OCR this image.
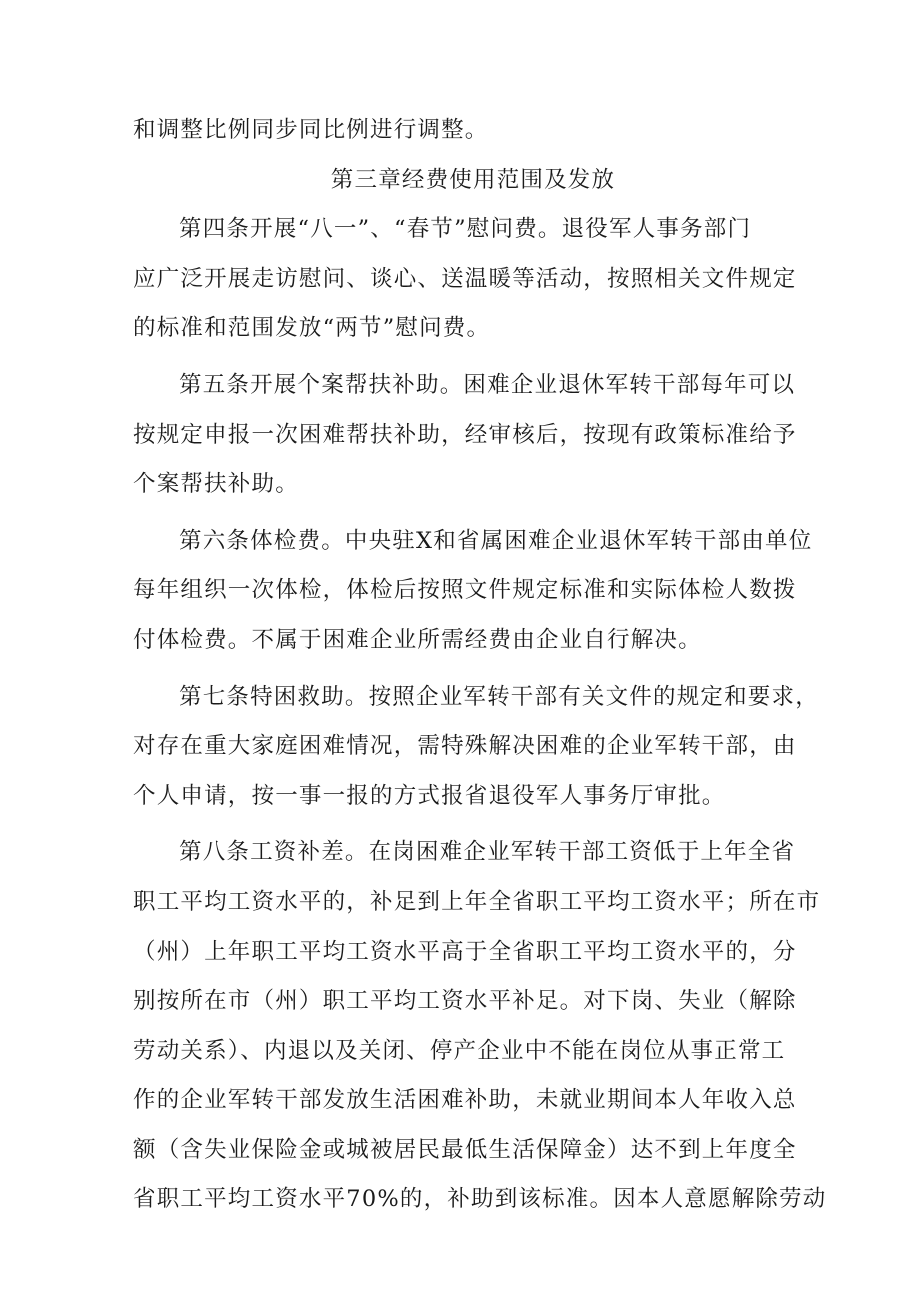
和调整比例同步同比例进行调整。
第三章经费使用范围及发放
第四条开展“八一”、“春节”慰问费。退役军人事务部门
应广泛开展走访慰问、谈心、送温暖等活动，按照相关文件规定
的标准和范围发放“两节”慰问费。
第五条开展个案帮扶补助。困难企业退休军转干部每年可以
按规定申报一次困难帮扶补助，经审核后，按现有政策标准给予
个案帮扶补助。
第六条体检费。中央驻X和省属困难企业退休军转干部由单位
每年组织一次体检，体检后按照文件规定标准和实际体检人数拨
付体检费。不属于困难企业所需经费由企业自行解决。
第七条特困救助。按照企业军转干部有关文件的规定和要求，
对存在重大家庭困难情况，需特殊解决困难的企业军转干部，由
个人申请，按一事一报的方式报省退役军人事务厅审批。
第八条工资补差。在岗困难企业军转干部工资低于上年全省
职工平均工资水平的，补足到上年全省职工平均工资水平；所在市
（州）上年职工平均工资水平高于全省职工平均工资水平的，分
别按所在市（州）职工平均工资水平补足。对下岗、失业（解除
劳动关系）、内退以及关闭、停产企业中不能在岗位从事正常工
作的企业军转干部发放生活困难补助，未就业期间本人年收入总
额（含失业保险金或城被居民最低生活保障金）达不到上年度全
省职工平均工资水平70%的，补助到该标准。因本人意愿解除劳动
